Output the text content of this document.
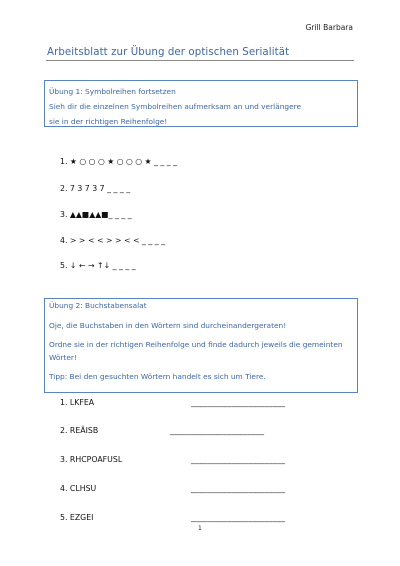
Grill Barbara
Arbeitsblatt zur Übung der optischen Serialität
Übung 1: Symbolreihen fortsetzen
Sieh dir die einzelnen Symbolreihen aufmerksam an und verlängere
sie in der richtigen Reihenfolge!
1. ★ ○ ○ ○ ★ ○ ○ ○ ★ _ _ _ _
2. 7 3 7 3 7 _ _ _ _
3. ▲▲■▲▲■_ _ _ _
4. > > < < > > < < _ _ _ _
5. ↓ ← → ↑↓ _ _ _ _
Übung 2: Buchstabensalat
Oje, die Buchstaben in den Wörtern sind durcheinandergeraten!
Ordne sie in der richtigen Reihenfolge und finde dadurch jeweils die gemeinten Wörter!
Tipp: Bei den gesuchten Wörtern handelt es sich um Tiere.
1. LKFEA	_______________________
2. REÄISB	_______________________
3. RHCPOAFUSL	_______________________
4. CLHSU	_______________________
5. EZGEI	_______________________
1
